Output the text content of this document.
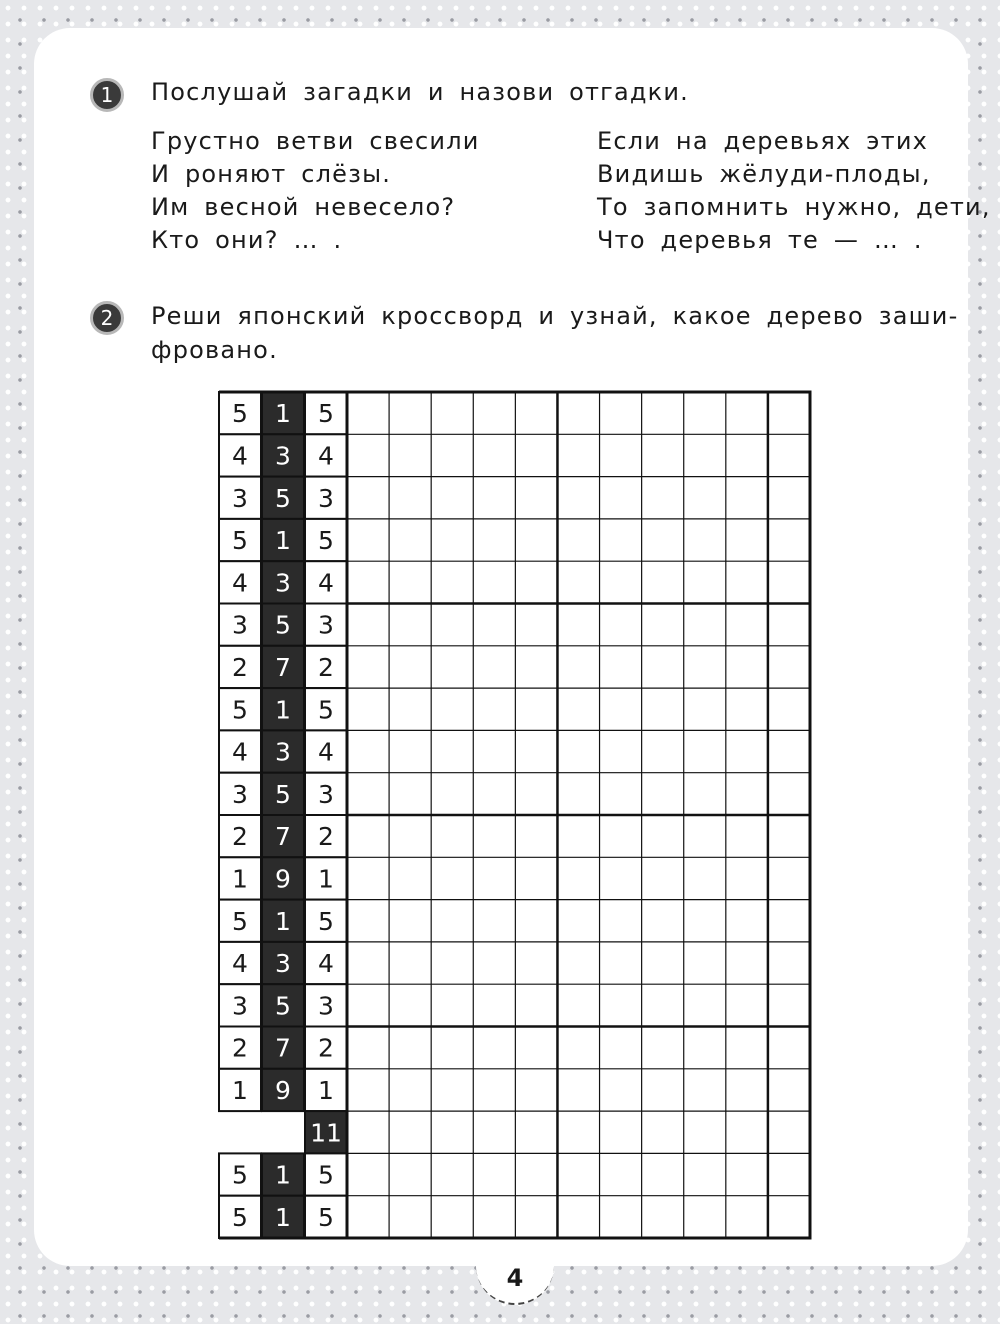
1	Послушай загадки и назови отгадки.
Грустно ветви свесили
И роняют слёзы.
Им весной невесело?
Кто они? … .
Если на деревьях этих
Видишь жёлуди-плоды,
То запомнить нужно, дети,
Что деревья те — … .
2	Реши японский кроссворд и узнай, какое дерево заши-
фровано.
5 1 5
4 3 4
3 5 3
5 1 5
4 3 4
3 5 3
2 7 2
5 1 5
4 3 4
3 5 3
2 7 2
1 9 1
5 1 5
4 3 4
3 5 3
2 7 2
1 9 1
11
5 1 5
5 1 5
4
